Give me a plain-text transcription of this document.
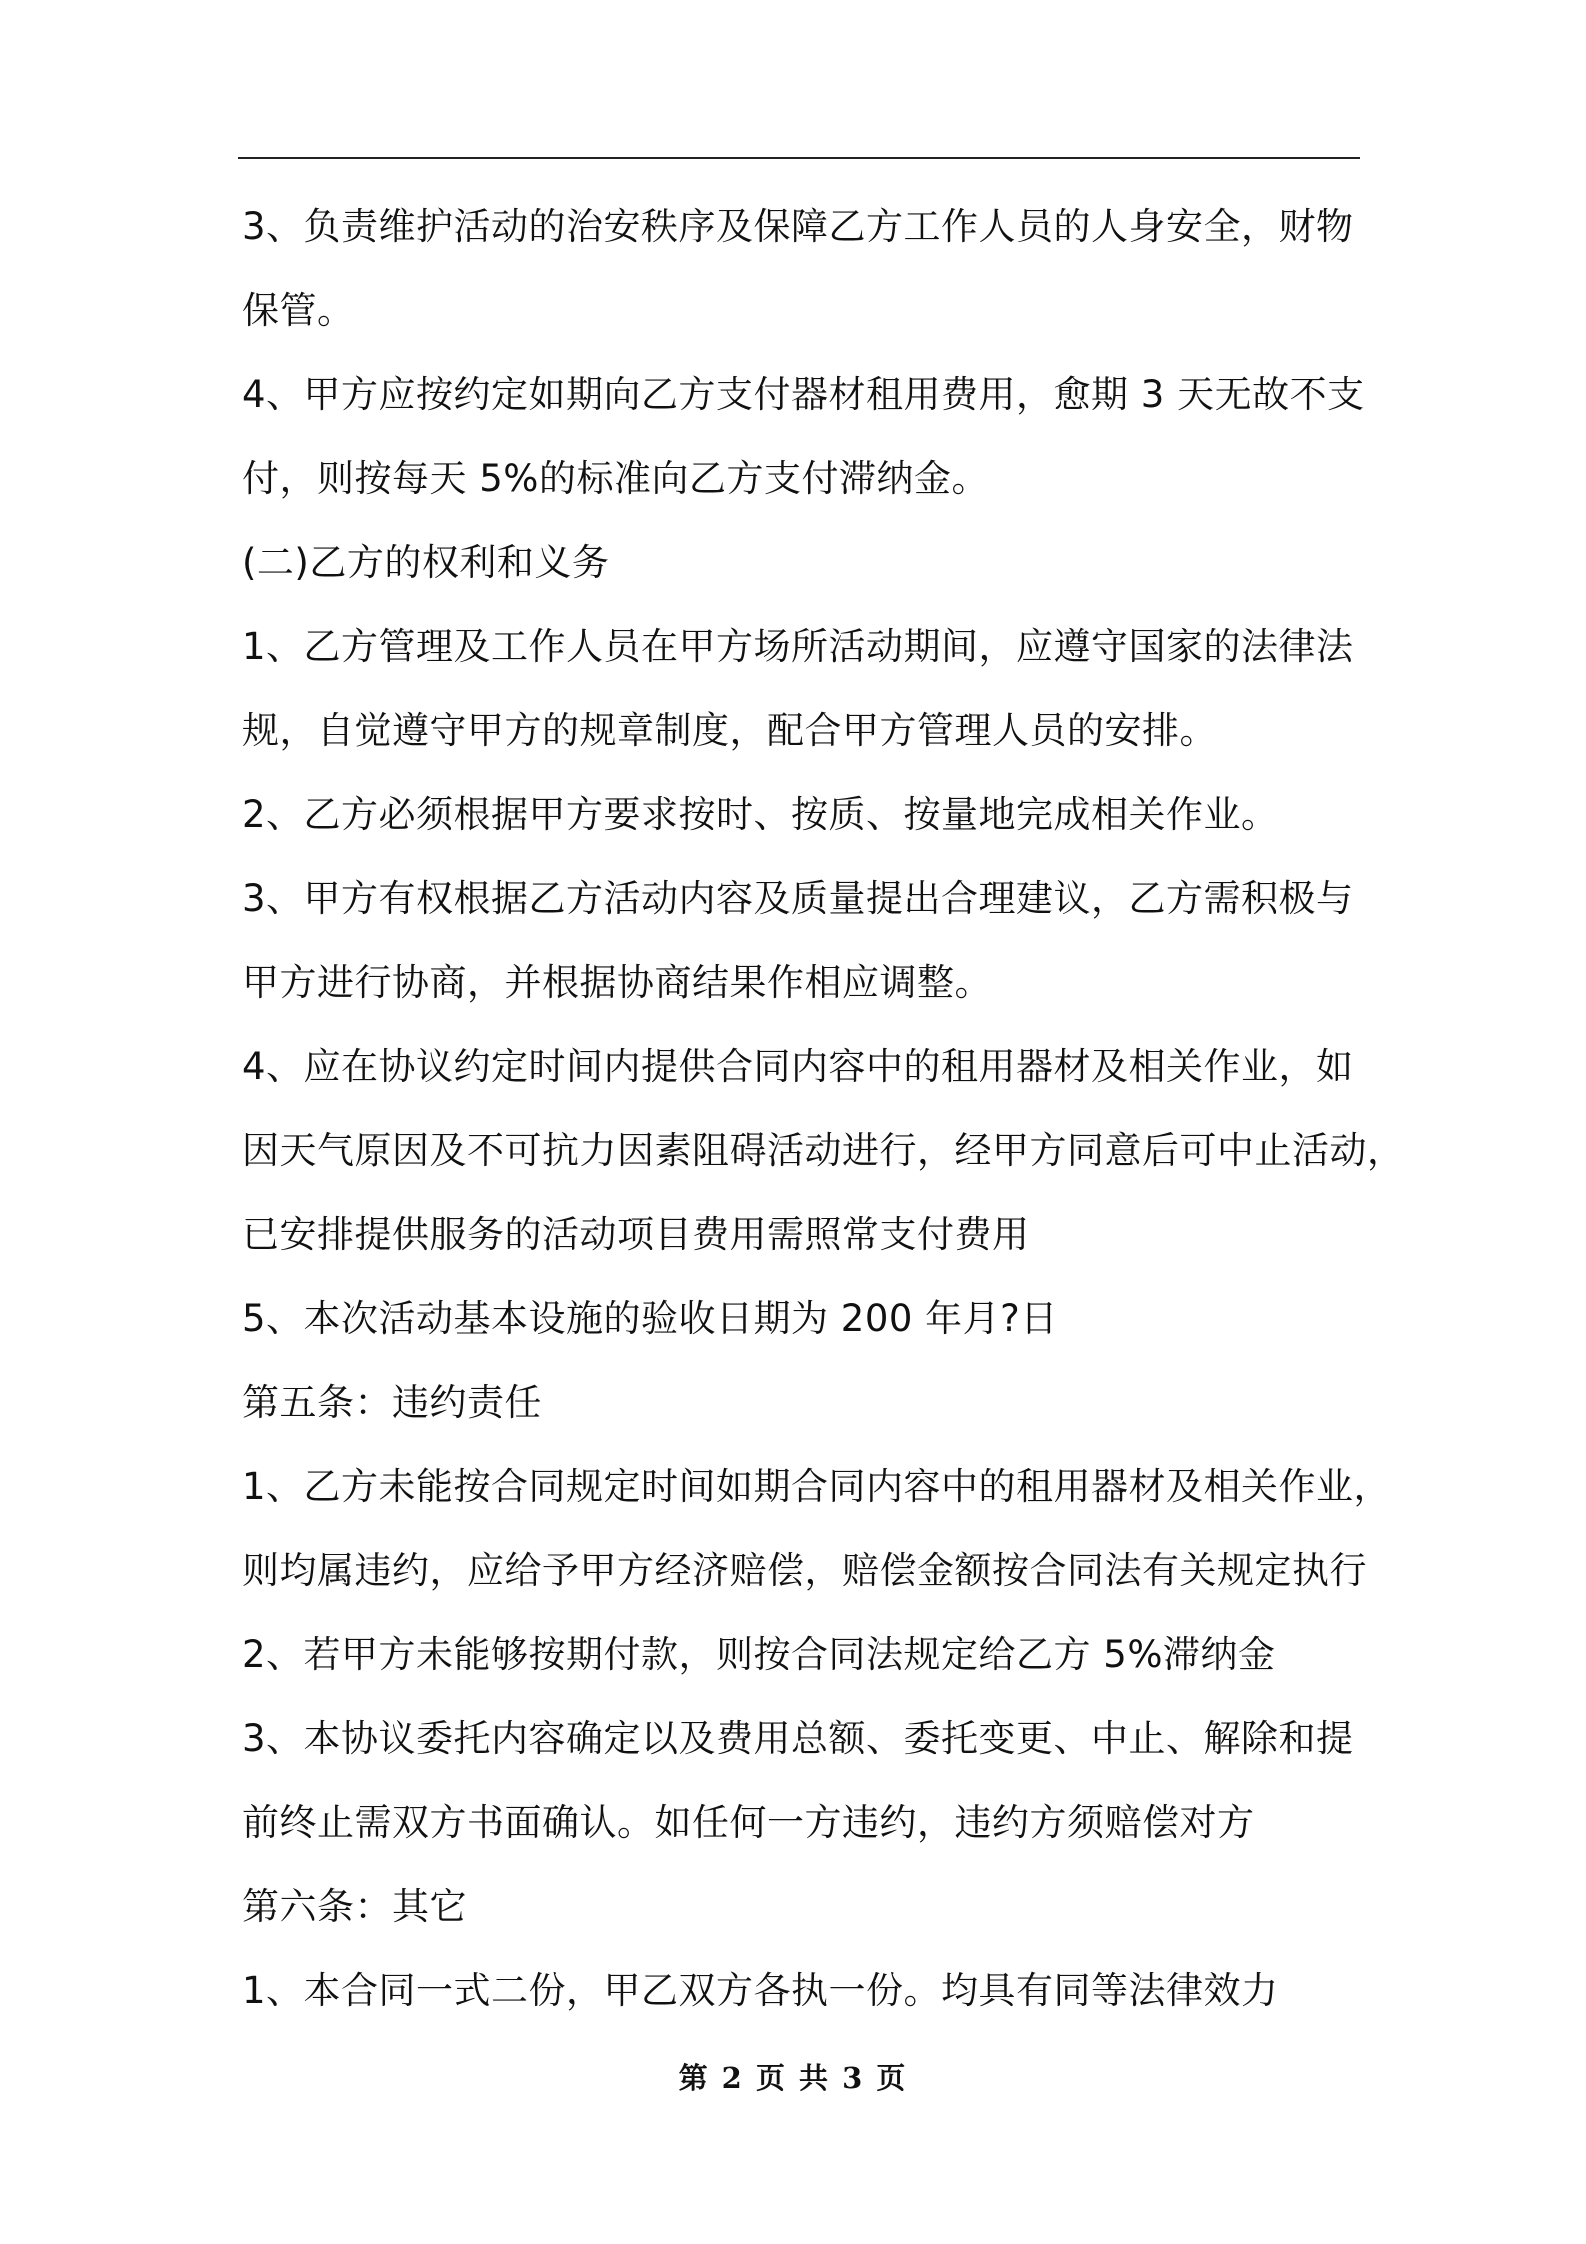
3、负责维护活动的治安秩序及保障乙方工作人员的人身安全，财物
保管。
4、甲方应按约定如期向乙方支付器材租用费用，愈期 3 天无故不支
付，则按每天 5%的标准向乙方支付滞纳金。
(二)乙方的权利和义务
1、乙方管理及工作人员在甲方场所活动期间，应遵守国家的法律法
规，自觉遵守甲方的规章制度，配合甲方管理人员的安排。
2、乙方必须根据甲方要求按时、按质、按量地完成相关作业。
3、甲方有权根据乙方活动内容及质量提出合理建议，乙方需积极与
甲方进行协商，并根据协商结果作相应调整。
4、应在协议约定时间内提供合同内容中的租用器材及相关作业，如
因天气原因及不可抗力因素阻碍活动进行，经甲方同意后可中止活动，
已安排提供服务的活动项目费用需照常支付费用
5、本次活动基本设施的验收日期为 200 年月?日
第五条：违约责任
1、乙方未能按合同规定时间如期合同内容中的租用器材及相关作业，
则均属违约，应给予甲方经济赔偿，赔偿金额按合同法有关规定执行
2、若甲方未能够按期付款，则按合同法规定给乙方 5%滞纳金
3、本协议委托内容确定以及费用总额、委托变更、中止、解除和提
前终止需双方书面确认。如任何一方违约，违约方须赔偿对方
第六条：其它
1、本合同一式二份，甲乙双方各执一份。均具有同等法律效力
第 2 页 共 3 页
